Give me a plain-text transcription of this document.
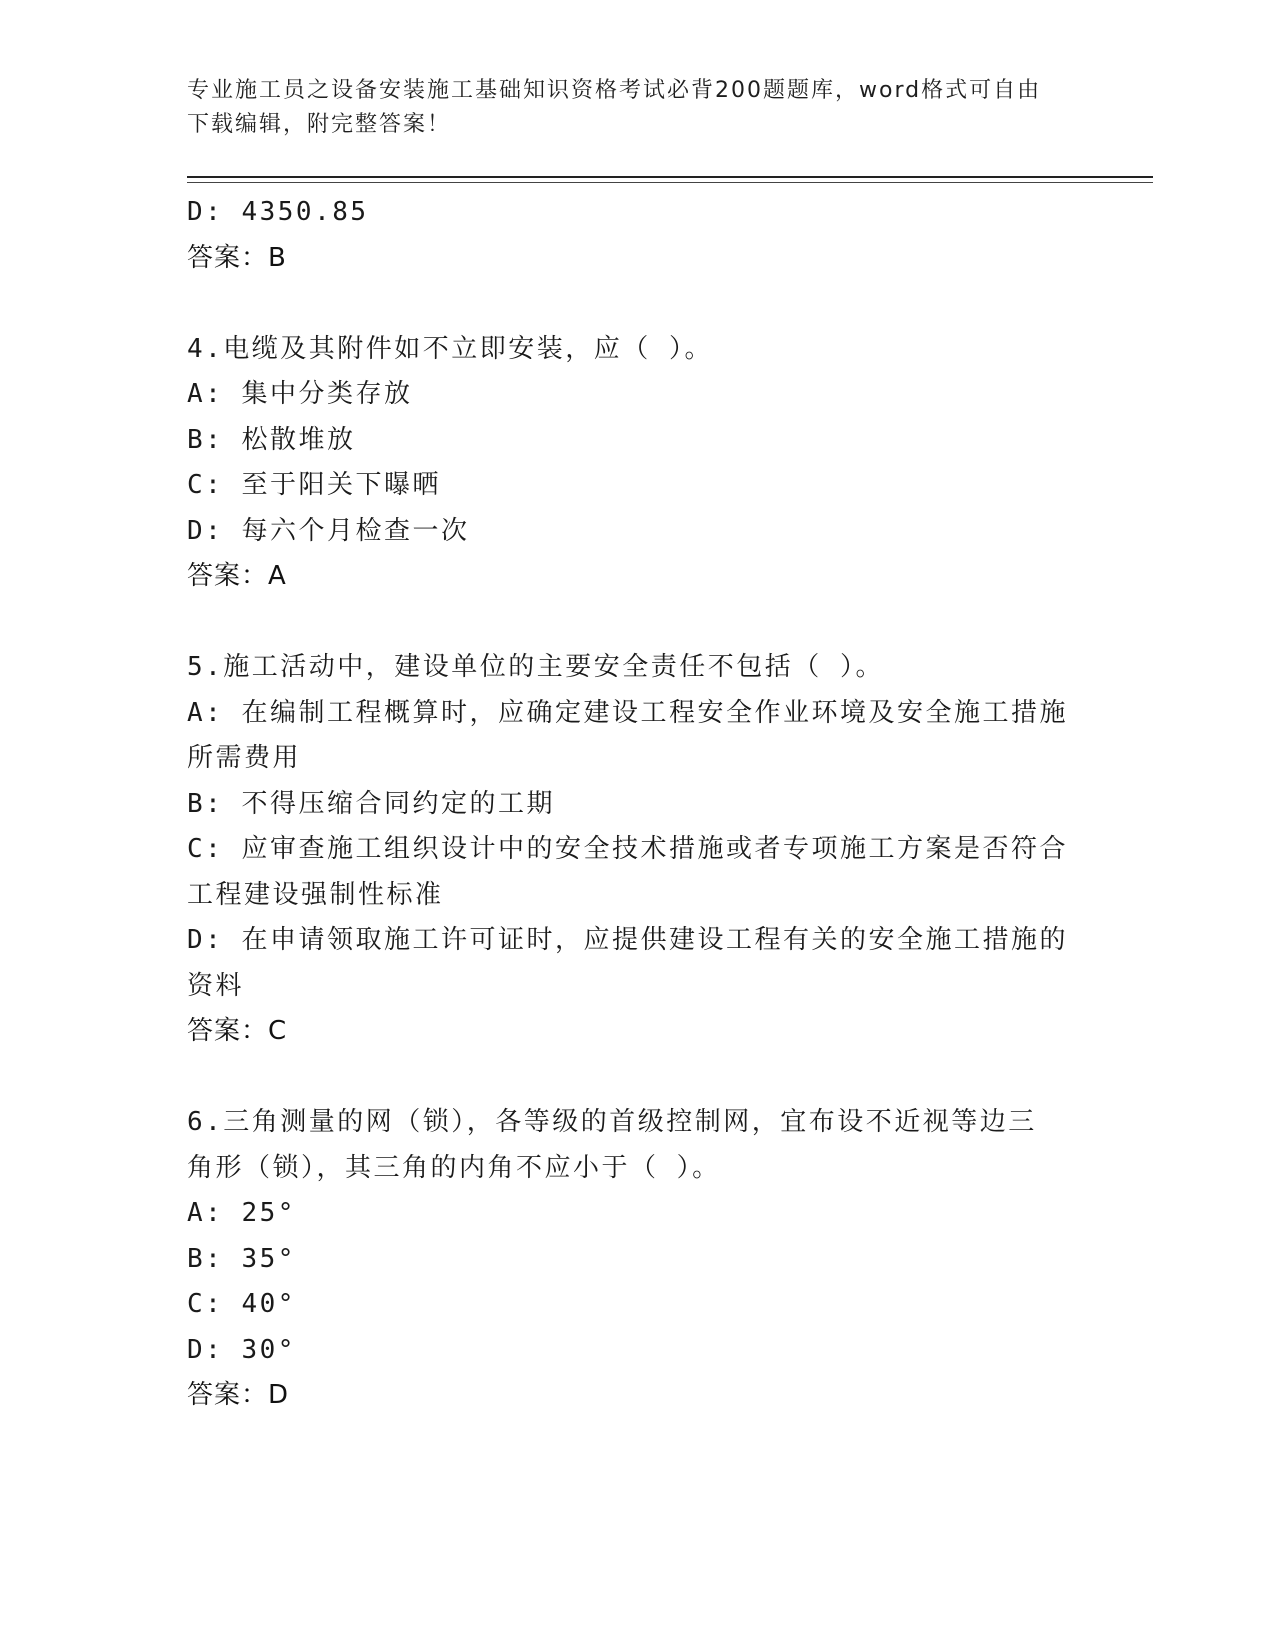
专业施工员之设备安装施工基础知识资格考试必背200题题库，word格式可自由
下载编辑，附完整答案！
D: 4350.85
答案：B
4.电缆及其附件如不立即安装，应（ ）。
A: 集中分类存放
B: 松散堆放
C: 至于阳关下曝晒
D: 每六个月检查一次
答案：A
5.施工活动中，建设单位的主要安全责任不包括（ ）。
A: 在编制工程概算时，应确定建设工程安全作业环境及安全施工措施
所需费用
B: 不得压缩合同约定的工期
C: 应审查施工组织设计中的安全技术措施或者专项施工方案是否符合
工程建设强制性标准
D: 在申请领取施工许可证时，应提供建设工程有关的安全施工措施的
资料
答案：C
6.三角测量的网（锁），各等级的首级控制网，宜布设不近视等边三
角形（锁），其三角的内角不应小于（ ）。
A: 25°
B: 35°
C: 40°
D: 30°
答案：D
